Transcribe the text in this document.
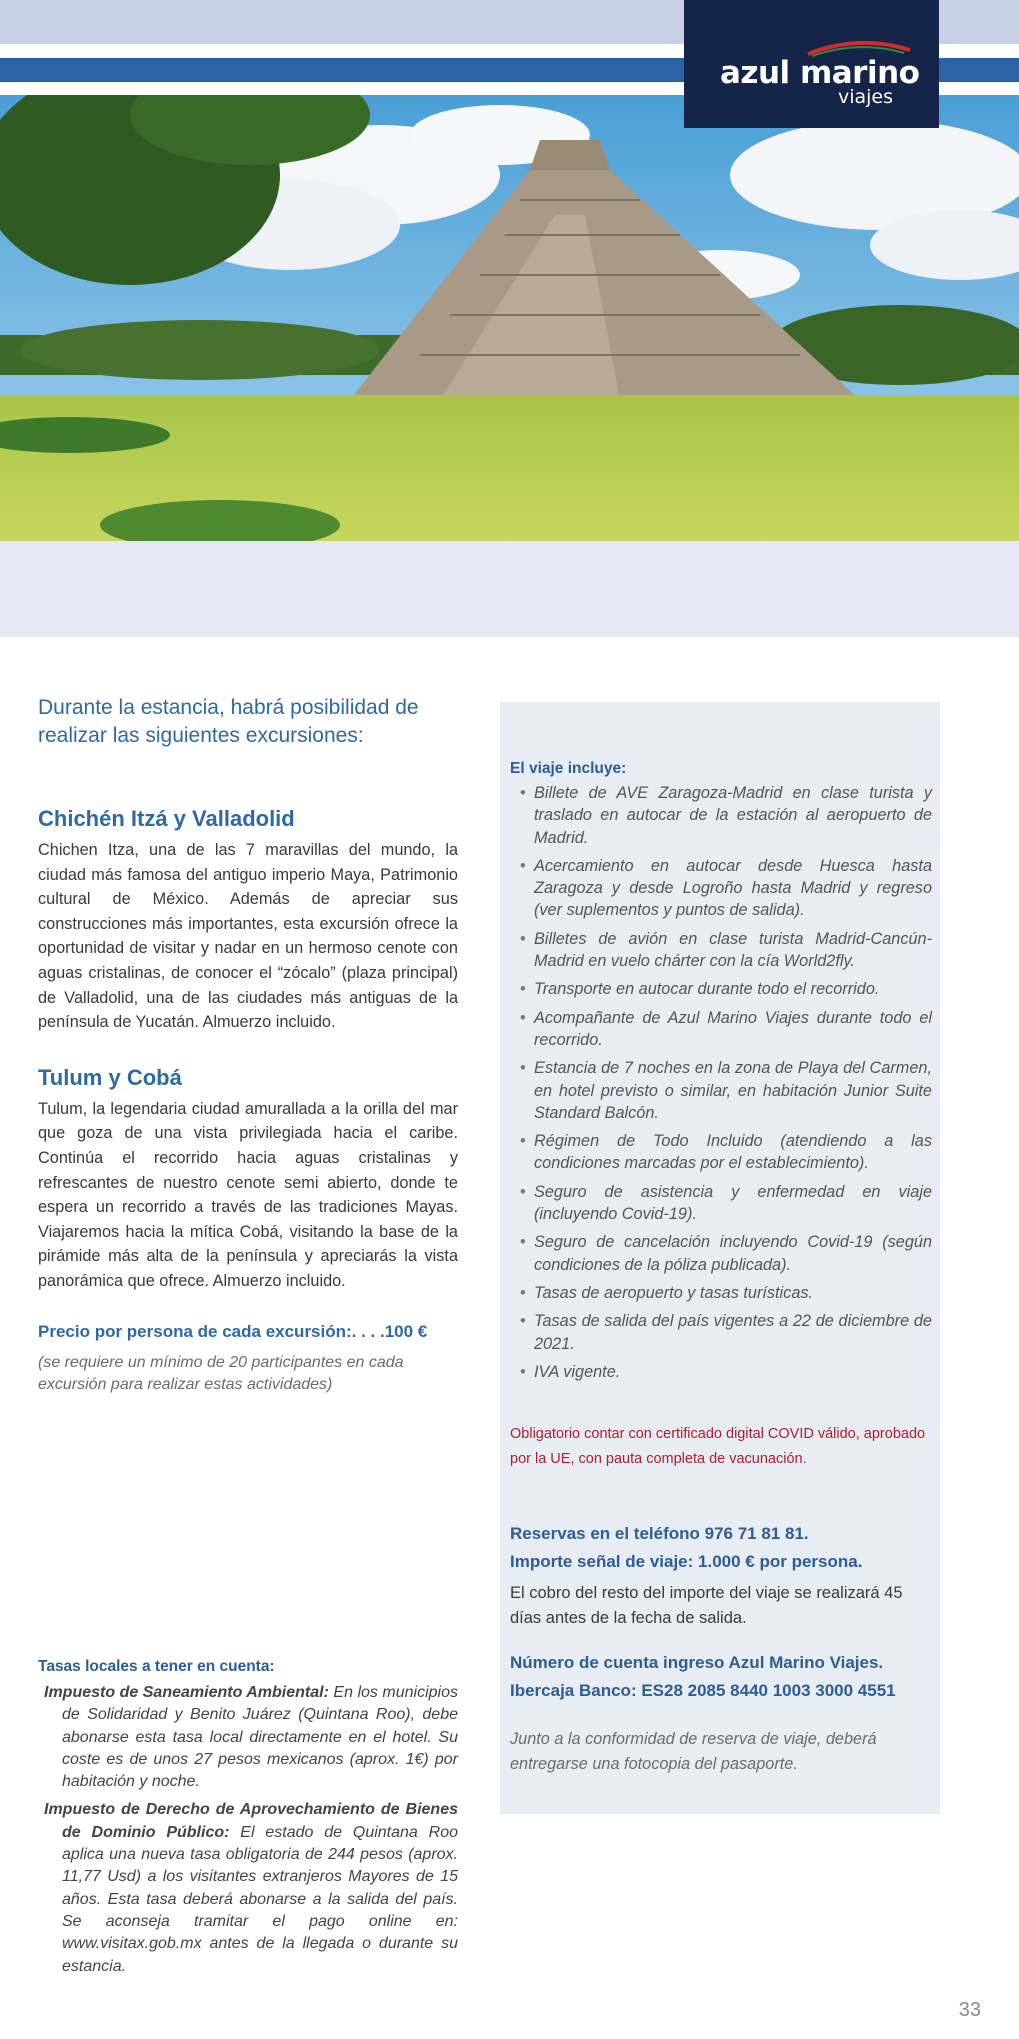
azul marino
viajes

Durante la estancia, habrá posibilidad de realizar las siguientes excursiones:

Chichén Itzá y Valladolid

Chichen Itza, una de las 7 maravillas del mundo, la ciudad más famosa del antiguo imperio Maya, Patrimonio cultural de México. Además de apreciar sus construcciones más importantes, esta excursión ofrece la oportunidad de visitar y nadar en un hermoso cenote con aguas cristalinas, de conocer el “zócalo” (plaza principal) de Valladolid, una de las ciudades más antiguas de la península de Yucatán. Almuerzo incluido.

Tulum y Cobá

Tulum, la legendaria ciudad amurallada a la orilla del mar que goza de una vista privilegiada hacia el caribe. Continúa el recorrido hacia aguas cristalinas y refrescantes de nuestro cenote semi abierto, donde te espera un recorrido a través de las tradiciones Mayas. Viajaremos hacia la mítica Cobá, visitando la base de la pirámide más alta de la península y apreciarás la vista panorámica que ofrece. Almuerzo incluido.

Precio por persona de cada excursión:. . . .100 €

(se requiere un mínimo de 20 participantes en cada excursión para realizar estas actividades)

Tasas locales a tener en cuenta:

Impuesto de Saneamiento Ambiental: En los municipios de Solidaridad y Benito Juárez (Quintana Roo), debe abonarse esta tasa local directamente en el hotel. Su coste es de unos 27 pesos mexicanos (aprox. 1€) por habitación y noche.

Impuesto de Derecho de Aprovechamiento de Bienes de Dominio Público: El estado de Quintana Roo aplica una nueva tasa obligatoria de 244 pesos (aprox. 11,77 Usd) a los visitantes extranjeros Mayores de 15 años. Esta tasa deberá abonarse a la salida del país. Se aconseja tramitar el pago online en: www.visitax.gob.mx antes de la llegada o durante su estancia.

El viaje incluye:

• Billete de AVE Zaragoza-Madrid en clase turista y traslado en autocar de la estación al aeropuerto de Madrid.
• Acercamiento en autocar desde Huesca hasta Zaragoza y desde Logroño hasta Madrid y regreso (ver suplementos y puntos de salida).
• Billetes de avión en clase turista Madrid-Cancún-Madrid en vuelo chárter con la cía World2fly.
• Transporte en autocar durante todo el recorrido.
• Acompañante de Azul Marino Viajes durante todo el recorrido.
• Estancia de 7 noches en la zona de Playa del Carmen, en hotel previsto o similar, en habitación Junior Suite Standard Balcón.
• Régimen de Todo Incluido (atendiendo a las condiciones marcadas por el establecimiento).
• Seguro de asistencia y enfermedad en viaje (incluyendo Covid-19).
• Seguro de cancelación incluyendo Covid-19 (según condiciones de la póliza publicada).
• Tasas de aeropuerto y tasas turísticas.
• Tasas de salida del país vigentes a 22 de diciembre de 2021.
• IVA vigente.

Obligatorio contar con certificado digital COVID válido, aprobado por la UE, con pauta completa de vacunación.

Reservas en el teléfono 976 71 81 81.

Importe señal de viaje: 1.000 € por persona.

El cobro del resto del importe del viaje se realizará 45 días antes de la fecha de salida.

Número de cuenta ingreso Azul Marino Viajes.

Ibercaja Banco: ES28 2085 8440 1003 3000 4551

Junto a la conformidad de reserva de viaje, deberá entregarse una fotocopia del pasaporte.

33
